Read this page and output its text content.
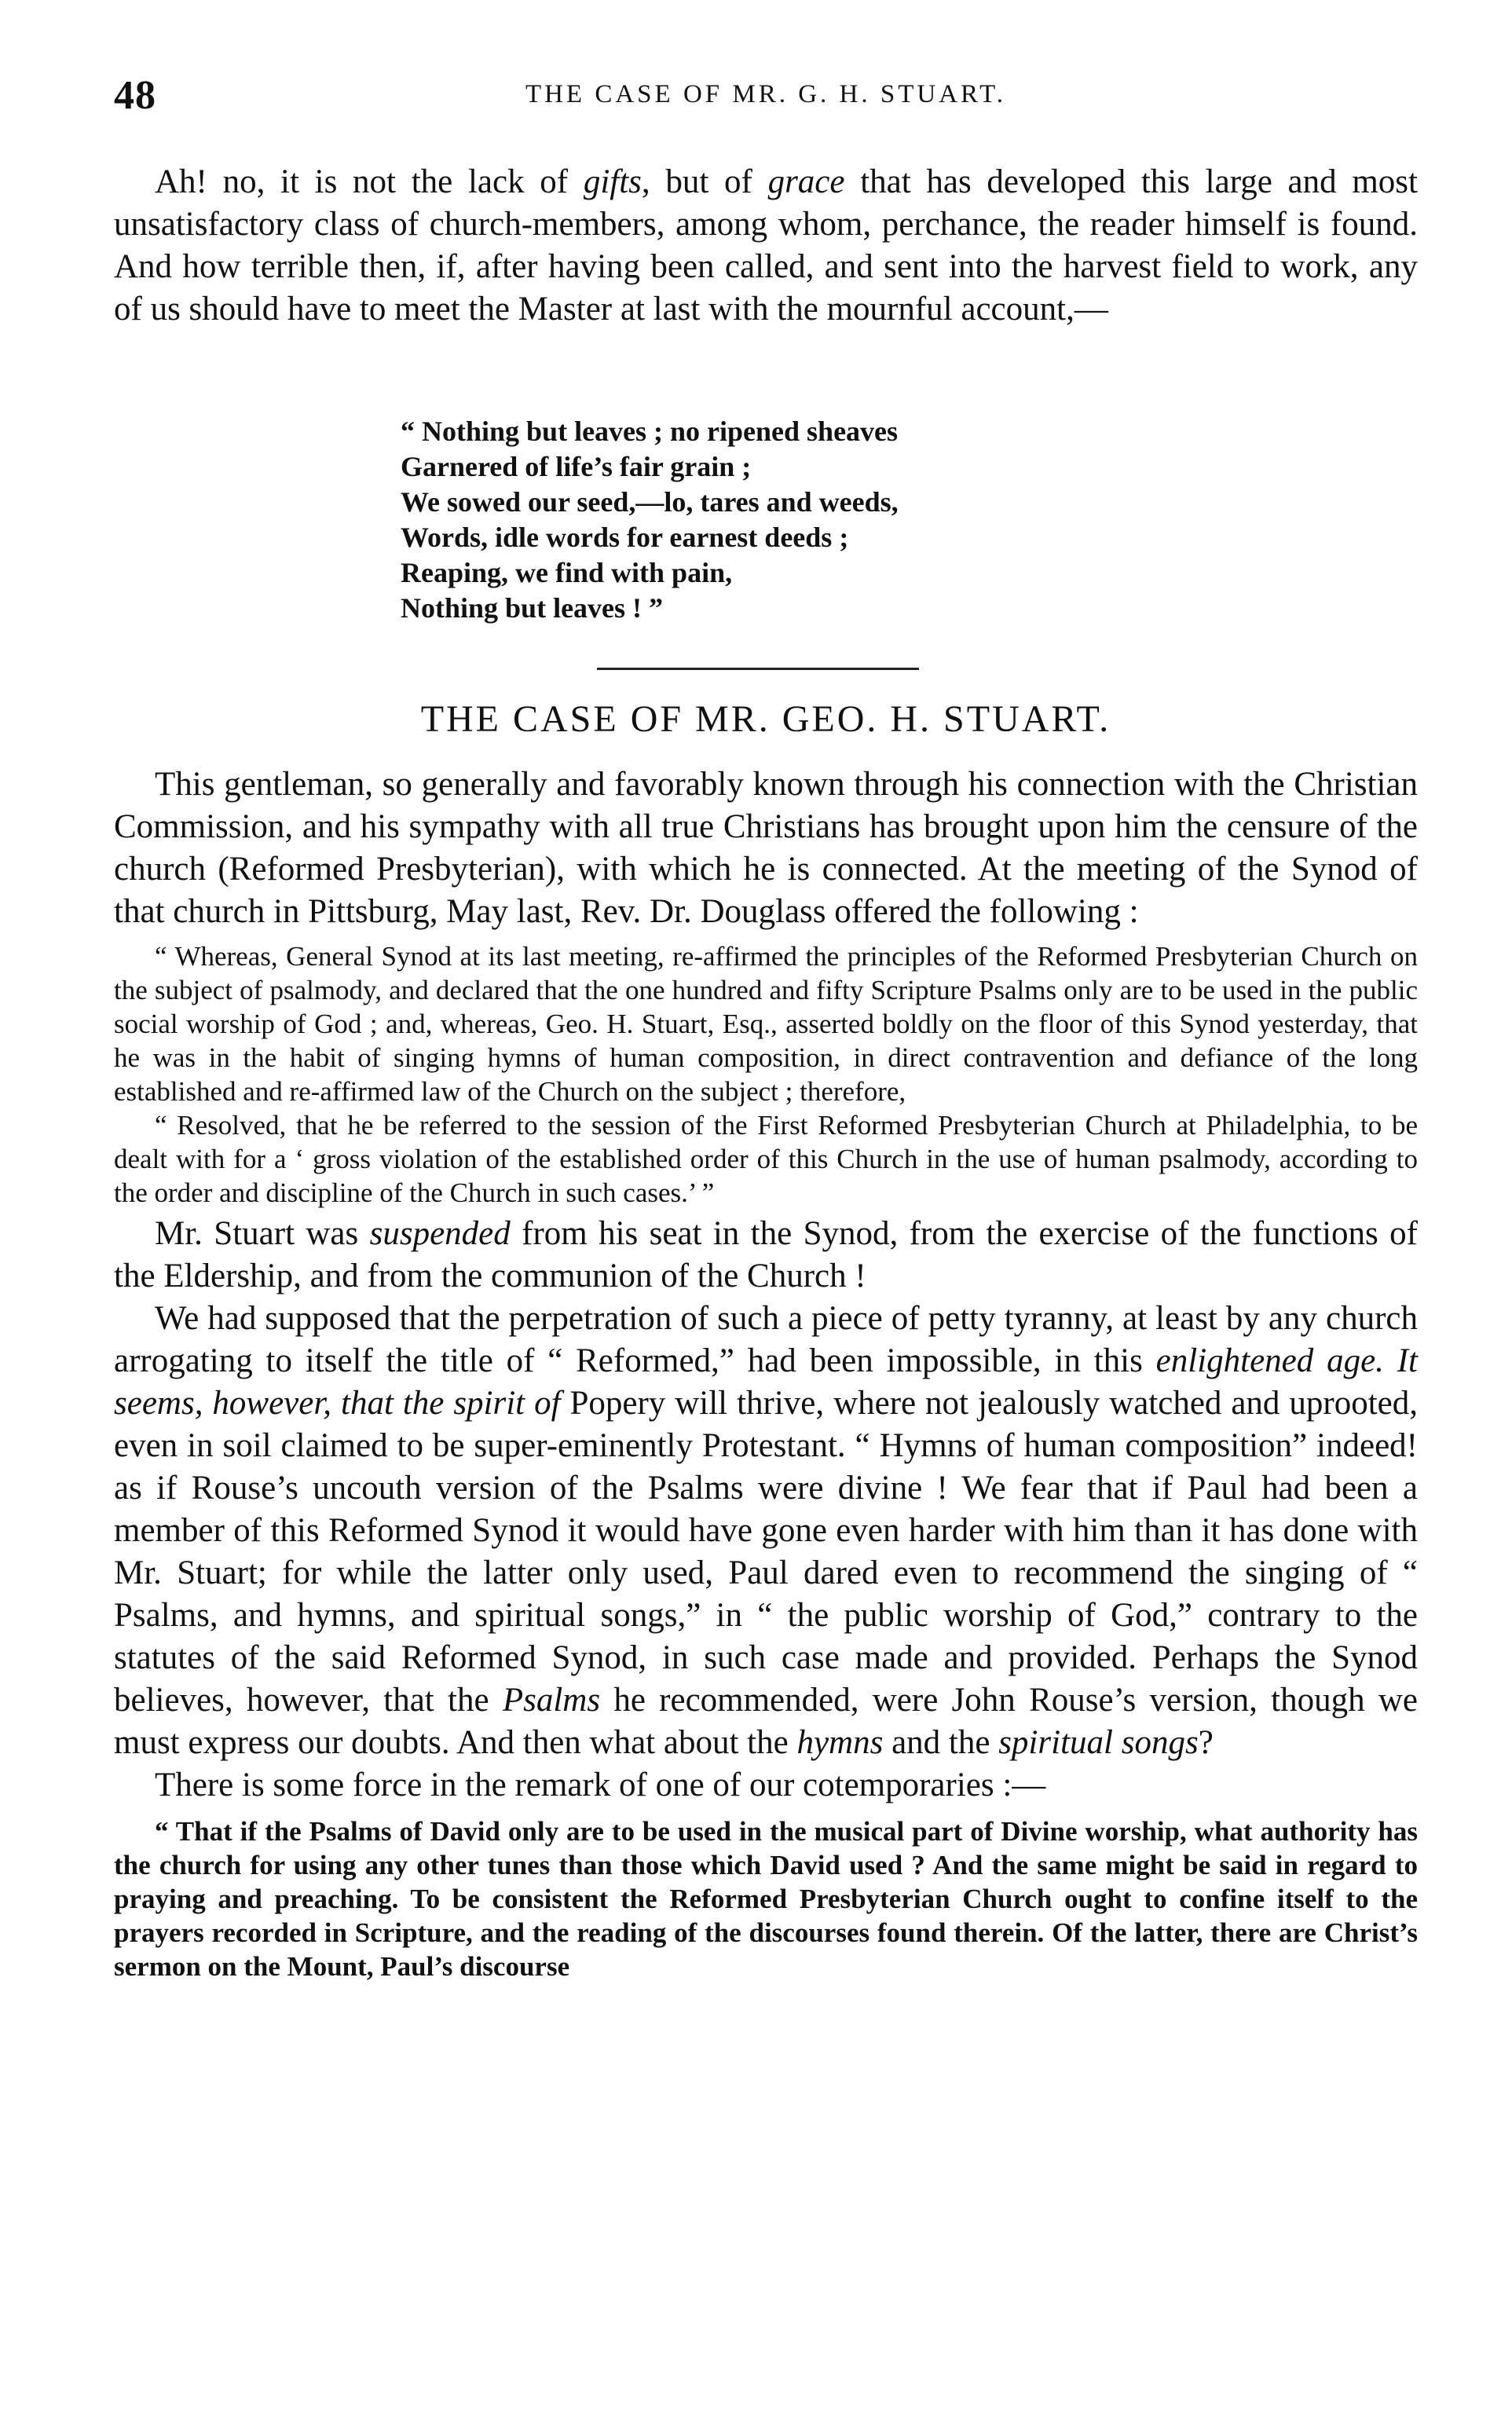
48	THE CASE OF MR. G. H. STUART.

Ah! no, it is not the lack of gifts, but of grace that has developed this large and most unsatisfactory class of church-members, among whom, perchance, the reader himself is found. And how terrible then, if, after having been called, and sent into the harvest field to work, any of us should have to meet the Master at last with the mournful account,—

“ Nothing but leaves ; no ripened sheaves
Garnered of life’s fair grain ;
We sowed our seed,—lo, tares and weeds,
Words, idle words for earnest deeds ;
Reaping, we find with pain,
Nothing but leaves ! ”
THE CASE OF MR. GEO. H. STUART.

This gentleman, so generally and favorably known through his connection with the Christian Commission, and his sympathy with all true Christians has brought upon him the censure of the church (Reformed Presbyterian), with which he is connected. At the meeting of the Synod of that church in Pittsburg, May last, Rev. Dr. Douglass offered the following :

“ Whereas, General Synod at its last meeting, re-affirmed the principles of the Reformed Presbyterian Church on the subject of psalmody, and declared that the one hundred and fifty Scripture Psalms only are to be used in the public social worship of God ; and, whereas, Geo. H. Stuart, Esq., asserted boldly on the floor of this Synod yesterday, that he was in the habit of singing hymns of human composition, in direct contravention and defiance of the long established and re-affirmed law of the Church on the subject ; therefore,

“ Resolved, that he be referred to the session of the First Reformed Presbyterian Church at Philadelphia, to be dealt with for a ‘ gross violation of the established order of this Church in the use of human psalmody, according to the order and discipline of the Church in such cases.’ ”

Mr. Stuart was suspended from his seat in the Synod, from the exercise of the functions of the Eldership, and from the communion of the Church !

We had supposed that the perpetration of such a piece of petty tyranny, at least by any church arrogating to itself the title of “ Reformed,” had been impossible, in this enlightened age. It seems, however, that the spirit of Popery will thrive, where not jealously watched and uprooted, even in soil claimed to be super-eminently Protestant. “ Hymns of human composition” indeed! as if Rouse’s uncouth version of the Psalms were divine ! We fear that if Paul had been a member of this Reformed Synod it would have gone even harder with him than it has done with Mr. Stuart; for while the latter only used, Paul dared even to recommend the singing of “ Psalms, and hymns, and spiritual songs,” in “ the public worship of God,” contrary to the statutes of the said Reformed Synod, in such case made and provided. Perhaps the Synod believes, however, that the Psalms he recommended, were John Rouse’s version, though we must express our doubts. And then what about the hymns and the spiritual songs?

There is some force in the remark of one of our cotemporaries :—

“ That if the Psalms of David only are to be used in the musical part of Divine worship, what authority has the church for using any other tunes than those which David used ? And the same might be said in regard to praying and preaching. To be consistent the Reformed Presbyterian Church ought to confine itself to the prayers recorded in Scripture, and the reading of the discourses found therein. Of the latter, there are Christ’s sermon on the Mount, Paul’s discourse
